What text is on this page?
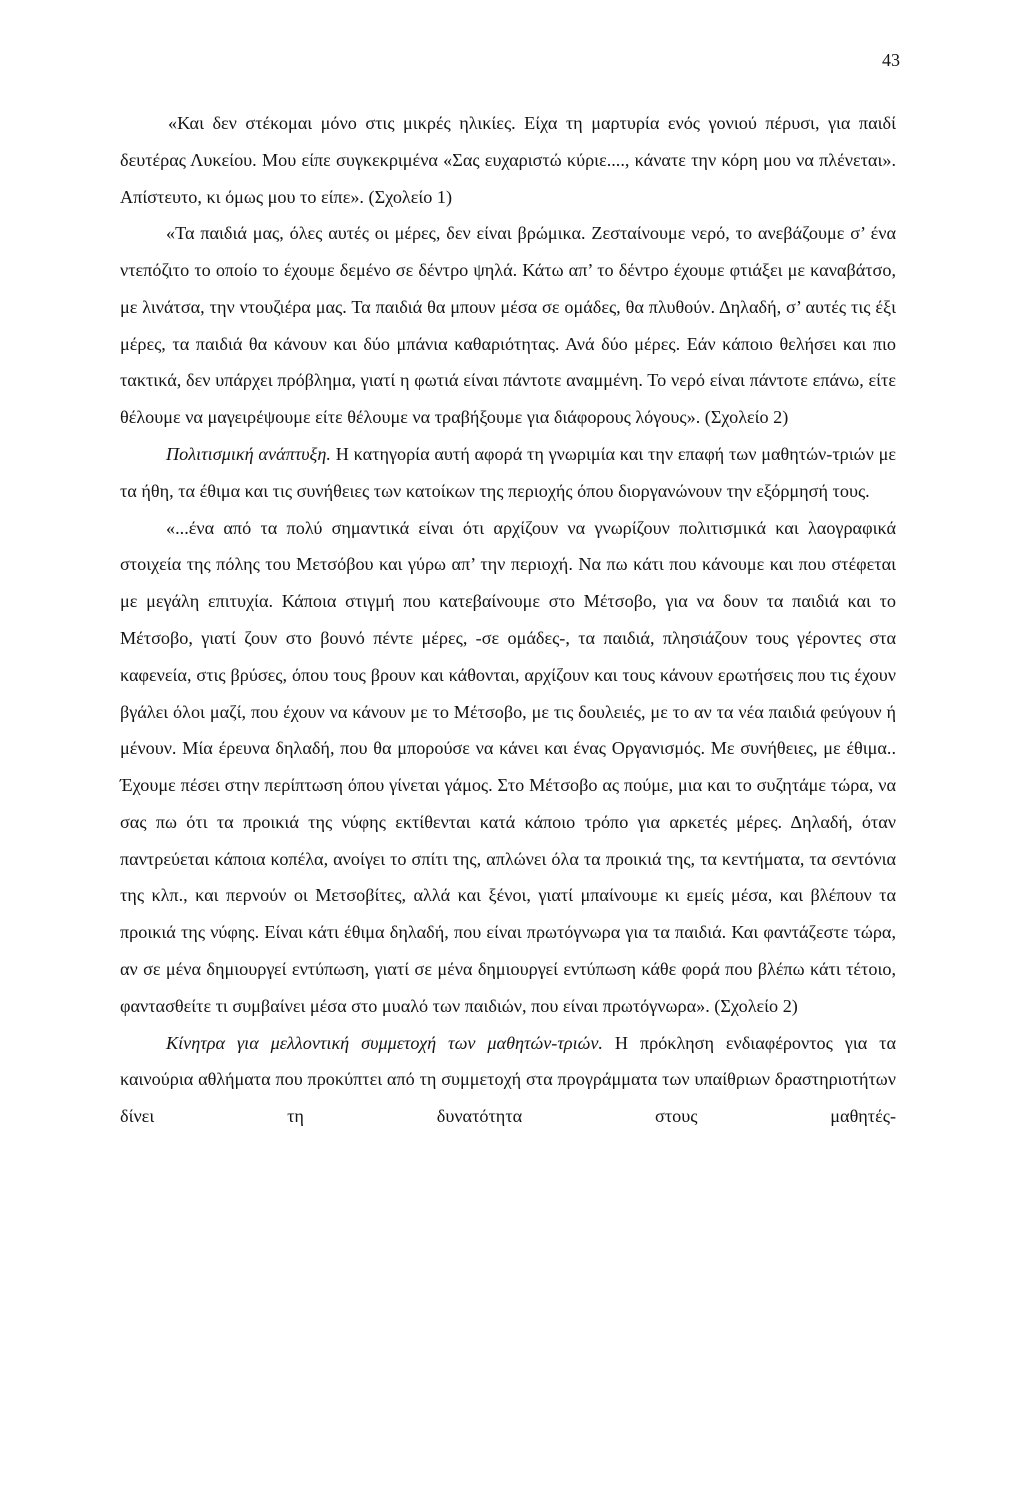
43

«Και δεν στέκομαι μόνο στις μικρές ηλικίες. Είχα τη μαρτυρία ενός γονιού πέρυσι, για παιδί δευτέρας Λυκείου. Μου είπε συγκεκριμένα «Σας ευχαριστώ κύριε...., κάνατε την κόρη μου να πλένεται». Απίστευτο, κι όμως μου το είπε». (Σχολείο 1)

«Τα παιδιά μας, όλες αυτές οι μέρες, δεν είναι βρώμικα. Ζεσταίνουμε νερό, το ανεβάζουμε σ’ ένα ντεπόζιτο το οποίο το έχουμε δεμένο σε δέντρο ψηλά. Κάτω απ’ το δέντρο έχουμε φτιάξει με καναβάτσο, με λινάτσα, την ντουζιέρα μας. Τα παιδιά θα μπουν μέσα σε ομάδες, θα πλυθούν. Δηλαδή, σ’ αυτές τις έξι μέρες, τα παιδιά θα κάνουν και δύο μπάνια καθαριότητας. Ανά δύο μέρες. Εάν κάποιο θελήσει και πιο τακτικά, δεν υπάρχει πρόβλημα, γιατί η φωτιά είναι πάντοτε αναμμένη. Το νερό είναι πάντοτε επάνω, είτε θέλουμε να μαγειρέψουμε είτε θέλουμε να τραβήξουμε για διάφορους λόγους». (Σχολείο 2)

Πολιτισμική ανάπτυξη. Η κατηγορία αυτή αφορά τη γνωριμία και την επαφή των μαθητών-τριών με τα ήθη, τα έθιμα και τις συνήθειες των κατοίκων της περιοχής όπου διοργανώνουν την εξόρμησή τους.

«...ένα από τα πολύ σημαντικά είναι ότι αρχίζουν να γνωρίζουν πολιτισμικά και λαογραφικά στοιχεία της πόλης του Μετσόβου και γύρω απ’ την περιοχή. Να πω κάτι που κάνουμε και που στέφεται με μεγάλη επιτυχία. Κάποια στιγμή που κατεβαίνουμε στο Μέτσοβο, για να δουν τα παιδιά και το Μέτσοβο, γιατί ζουν στο βουνό πέντε μέρες, -σε ομάδες-, τα παιδιά, πλησιάζουν τους γέροντες στα καφενεία, στις βρύσες, όπου τους βρουν και κάθονται, αρχίζουν και τους κάνουν ερωτήσεις που τις έχουν βγάλει όλοι μαζί, που έχουν να κάνουν με το Μέτσοβο, με τις δουλειές, με το αν τα νέα παιδιά φεύγουν ή μένουν. Μία έρευνα δηλαδή, που θα μπορούσε να κάνει και ένας Οργανισμός. Με συνήθειες, με έθιμα.. Έχουμε πέσει στην περίπτωση όπου γίνεται γάμος. Στο Μέτσοβο ας πούμε, μια και το συζητάμε τώρα, να σας πω ότι τα προικιά της νύφης εκτίθενται κατά κάποιο τρόπο για αρκετές μέρες. Δηλαδή, όταν παντρεύεται κάποια κοπέλα, ανοίγει το σπίτι της, απλώνει όλα τα προικιά της, τα κεντήματα, τα σεντόνια της κλπ., και περνούν οι Μετσοβίτες, αλλά και ξένοι, γιατί μπαίνουμε κι εμείς μέσα, και βλέπουν τα προικιά της νύφης. Είναι κάτι έθιμα δηλαδή, που είναι πρωτόγνωρα για τα παιδιά. Και φαντάζεστε τώρα, αν σε μένα δημιουργεί εντύπωση, γιατί σε μένα δημιουργεί εντύπωση κάθε φορά που βλέπω κάτι τέτοιο, φαντασθείτε τι συμβαίνει μέσα στο μυαλό των παιδιών, που είναι πρωτόγνωρα». (Σχολείο 2)

Κίνητρα για μελλοντική συμμετοχή των μαθητών-τριών. Η πρόκληση ενδιαφέροντος για τα καινούρια αθλήματα που προκύπτει από τη συμμετοχή στα προγράμματα των υπαίθριων δραστηριοτήτων δίνει τη δυνατότητα στους μαθητές-
